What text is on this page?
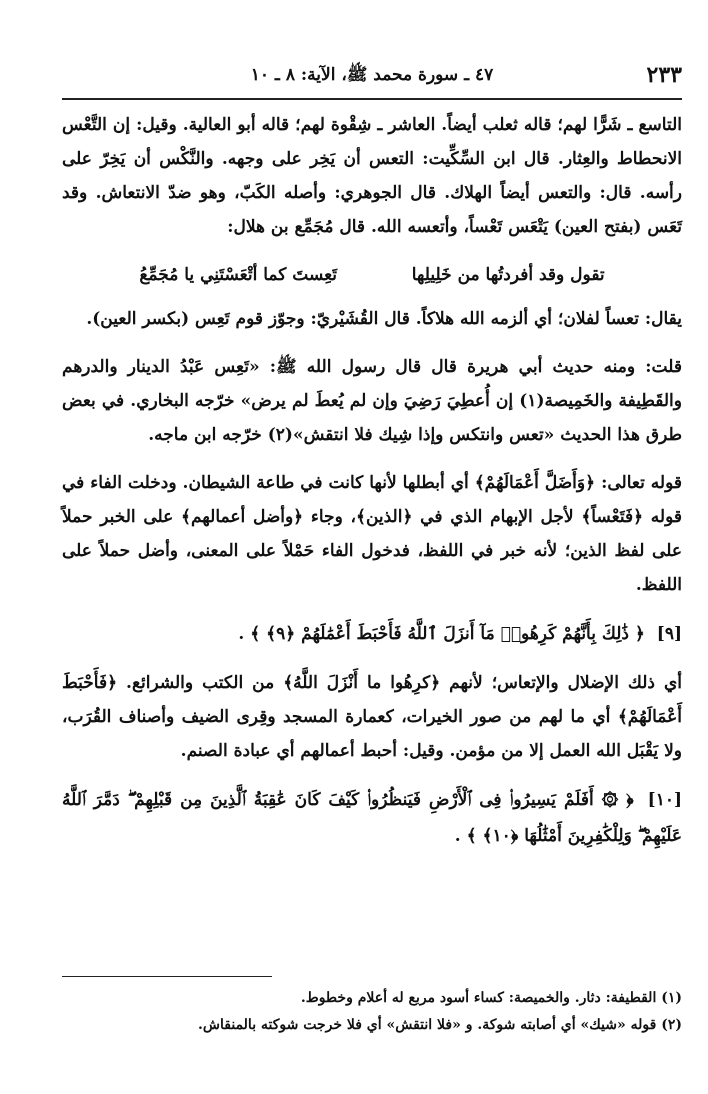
٢٣٣
٤٧ ـ سورة محمد ﷺ، الآية: ٨ ـ ١٠

التاسع ـ شَرًّا لهم؛ قاله ثعلب أيضاً. العاشر ـ شِقْوة لهم؛ قاله أبو العالية. وقيل: إن التَّعْس الانحطاط والعِثار. قال ابن السِّكِّيت: التعس أن يَخِر على وجهه. والنَّكْس أن يَخِرّ على رأسه. قال: والتعس أيضاً الهلاك. قال الجوهري: وأصله الكَبّ، وهو ضدّ الانتعاش. وقد تَعَس (بفتح العين) يَتْعَس تَعْساً، وأتعسه الله. قال مُجَمِّع بن هلال:

تقول وقد أفردتُها من خَلِيلِها
تَعِستَ كما أتْعَسْتَنِي يا مُجَمِّعُ

يقال: تعساً لفلان؛ أي ألزمه الله هلاكاً. قال القُشَيْريّ: وجوّز قوم تَعِس (بكسر العين).

قلت: ومنه حديث أبي هريرة قال قال رسول الله ﷺ: «تَعِس عَبْدُ الدينار والدرهم والقَطِيفة والخَمِيصة(١) إن أُعطِيَ رَضِيَ وإن لم يُعطَ لم يرض» خرّجه البخاري. في بعض طرق هذا الحديث «تعس وانتكس وإذا شِيك فلا انتقش»(٢) خرّجه ابن ماجه.

قوله تعالى: ﴿وَأَضَلَّ أَعْمَالَهُمْ﴾ أي أبطلها لأنها كانت في طاعة الشيطان. ودخلت الفاء في قوله ﴿فَتَعْساً﴾ لأجل الإبهام الذي في ﴿الذين﴾، وجاء ﴿وأضل أعمالهم﴾ على الخبر حملاً على لفظ الذين؛ لأنه خبر في اللفظ، فدخول الفاء حَمْلاً على المعنى، وأضل حملاً على اللفظ.

[٩] ﴿ ذَٰلِكَ بِأَنَّهُمْ كَرِهُوا۟ مَآ أَنزَلَ ٱللَّهُ فَأَحْبَطَ أَعْمَٰلَهُمْ ﴿٩﴾ ﴾ .

أي ذلك الإضلال والإتعاس؛ لأنهم ﴿كرِهُوا ما أَنْزَلَ اللَّهُ﴾ من الكتب والشرائع. ﴿فَأَحْبَطَ أَعْمَالَهُمْ﴾ أي ما لهم من صور الخيرات، كعمارة المسجد وقِرى الضيف وأصناف القُرَب، ولا يَقْبَل الله العمل إلا من مؤمن. وقيل: أحبط أعمالهم أي عبادة الصنم.

[١٠] ﴿ ۞ أَفَلَمْ يَسِيرُوا۟ فِى ٱلْأَرْضِ فَيَنظُرُوا۟ كَيْفَ كَانَ عَٰقِبَةُ ٱلَّذِينَ مِن قَبْلِهِمْ ۖ دَمَّرَ ٱللَّهُ عَلَيْهِمْ ۖ وَلِلْكَٰفِرِينَ أَمْثَٰلُهَا ﴿١٠﴾ ﴾ .

(١) القطيفة: دثار. والخميصة: كساء أسود مربع له أعلام وخطوط.

(٢) قوله «شيك» أي أصابته شوكة. و «فلا انتقش» أي فلا خرجت شوكته بالمنقاش.
